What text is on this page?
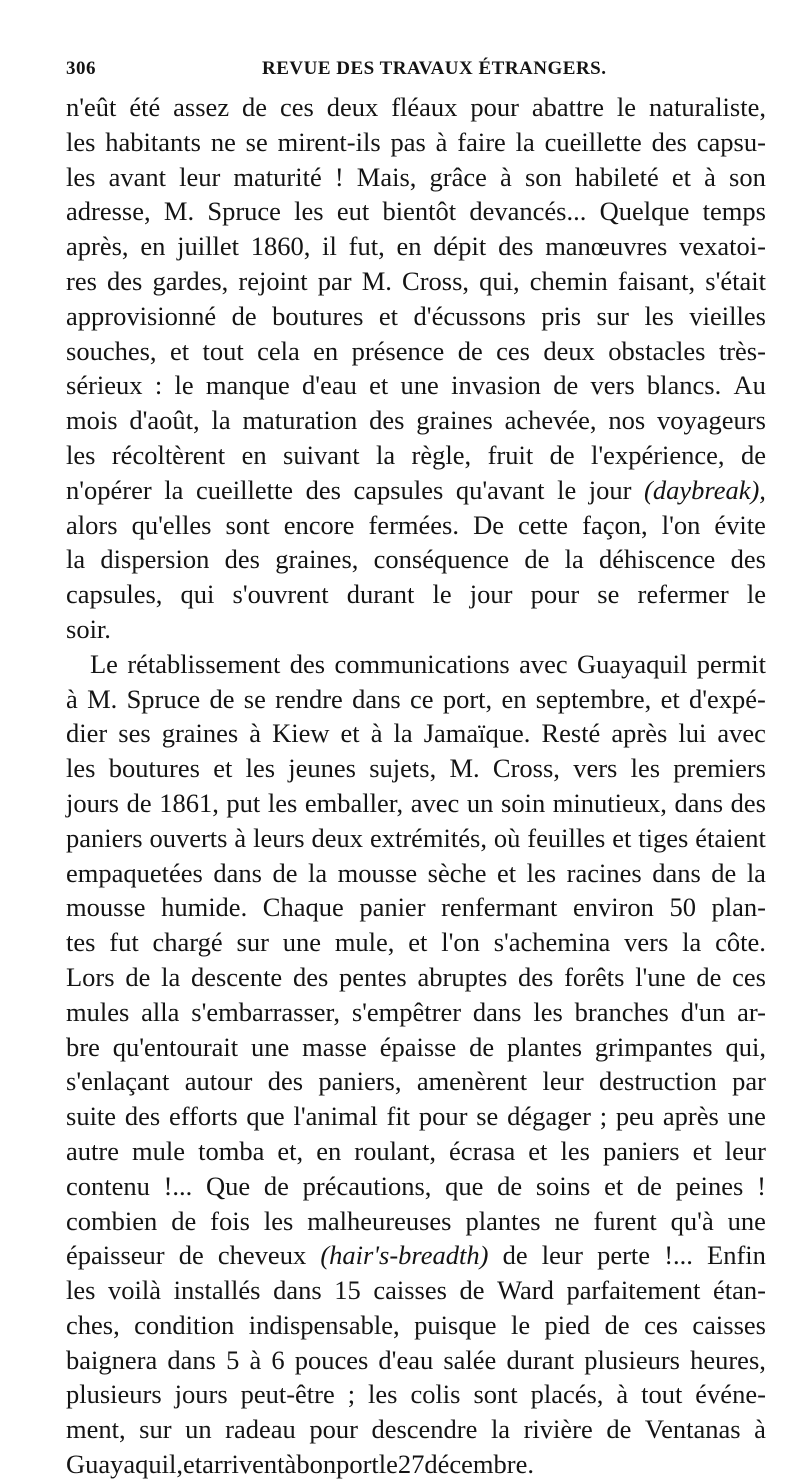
306	REVUE DES TRAVAUX ÉTRANGERS.
n'eût été assez de ces deux fléaux pour abattre le naturaliste,
les habitants ne se mirent-ils pas à faire la cueillette des capsu-
les avant leur maturité ! Mais, grâce à son habileté et à son
adresse, M. Spruce les eut bientôt devancés... Quelque temps
après, en juillet 1860, il fut, en dépit des manœuvres vexatoi-
res des gardes, rejoint par M. Cross, qui, chemin faisant, s'était
approvisionné de boutures et d'écussons pris sur les vieilles
souches, et tout cela en présence de ces deux obstacles très-
sérieux : le manque d'eau et une invasion de vers blancs. Au
mois d'août, la maturation des graines achevée, nos voyageurs
les récoltèrent en suivant la règle, fruit de l'expérience, de
n'opérer la cueillette des capsules qu'avant le jour (daybreak),
alors qu'elles sont encore fermées. De cette façon, l'on évite
la dispersion des graines, conséquence de la déhiscence des
capsules, qui s'ouvrent durant le jour pour se refermer le
soir.
Le rétablissement des communications avec Guayaquil permit
à M. Spruce de se rendre dans ce port, en septembre, et d'expé-
dier ses graines à Kiew et à la Jamaïque. Resté après lui avec
les boutures et les jeunes sujets, M. Cross, vers les premiers
jours de 1861, put les emballer, avec un soin minutieux, dans des
paniers ouverts à leurs deux extrémités, où feuilles et tiges étaient
empaquetées dans de la mousse sèche et les racines dans de la
mousse humide. Chaque panier renfermant environ 50 plan-
tes fut chargé sur une mule, et l'on s'achemina vers la côte.
Lors de la descente des pentes abruptes des forêts l'une de ces
mules alla s'embarrasser, s'empêtrer dans les branches d'un ar-
bre qu'entourait une masse épaisse de plantes grimpantes qui,
s'enlaçant autour des paniers, amenèrent leur destruction par
suite des efforts que l'animal fit pour se dégager ; peu après une
autre mule tomba et, en roulant, écrasa et les paniers et leur
contenu !... Que de précautions, que de soins et de peines !
combien de fois les malheureuses plantes ne furent qu'à une
épaisseur de cheveux (hair's-breadth) de leur perte !... Enfin
les voilà installés dans 15 caisses de Ward parfaitement étan-
ches, condition indispensable, puisque le pied de ces caisses
baignera dans 5 à 6 pouces d'eau salée durant plusieurs heures,
plusieurs jours peut-être ; les colis sont placés, à tout événe-
ment, sur un radeau pour descendre la rivière de Ventanas à
Guayaquil, et arrivent à bon port le 27 décembre.
